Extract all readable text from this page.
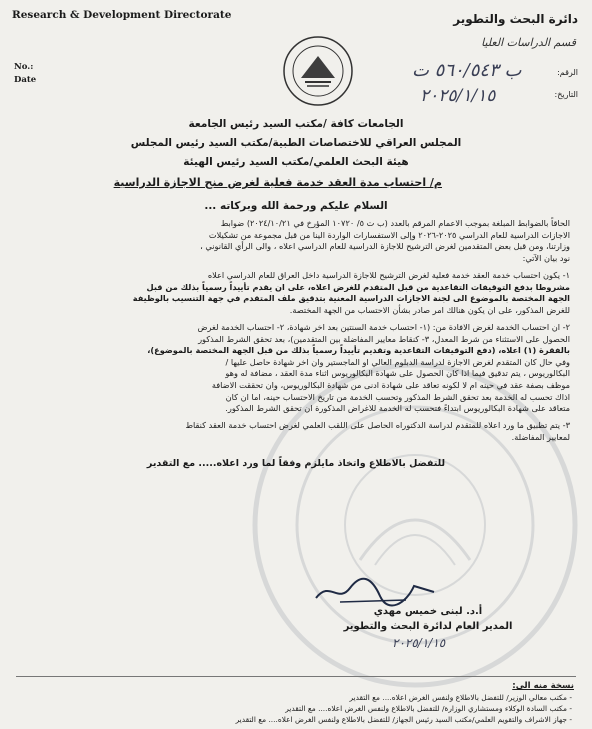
Research & Development Directorate
No.:
Date
دائرة البحث والتطوير
قسم الدراسات العليا
الرقم:
التاريخ:
ب ٥٦٠/٥٤٣ ت
٢٠٢٥/١/١٥
الجامعات كافة /مكتب السيد رئيس الجامعة
المجلس العراقي للاختصاصات الطبية/مكتب السيد رئيس المجلس
هيئة البحث العلمي/مكتب السيد رئيس الهيئة
م/ احتساب مدة العقد خدمة فعلية لغرض منح الاجازة الدراسية
السلام عليكم ورحمة الله وبركاته ...
الحاقاً بالضوابط المبلغة بموجب الاعمام المرقم بالعدد (ب ت ٥/ ١٠٧٢٠ المؤرخ في ٢٠٢٤/١٠/٢١) ضوابط
الاجازات الدراسية للعام الدراسي ٢٠٢٥-٢٠٢٦ وإلى الاستفسارات الواردة الينا من قبل مجموعة من تشكيلات
وزارتنا، ومن قبل بعض المتقدمين لغرض الترشيح للاجازة الدراسية للعام الدراسي اعلاه ، والى الرأي القانوني ،
نود بيان الآتي:
١- يكون احتساب خدمة العقد خدمة فعلية لغرض الترشيح للاجازة الدراسية داخل العراق للعام الدراسي اعلاه
مشروطا بدفع التوقيفات التقاعدية من قبل المتقدم للغرض اعلاه، على ان يقدم تأييداً رسمياً بذلك من قبل
الجهة المختصة بالموضوع الى لجنة الاجازات الدراسية المعنية بتدقيق ملف المتقدم في جهة التنسيب بالوظيفة
للغرض المذكور، على ان يكون هنالك امر صادر بشأن الاحتساب من الجهة المختصة.
٢- ان احتساب الخدمة لغرض الافادة من: (١- احتساب خدمة السنتين بعد اخر شهادة، ٢- احتساب الخدمة لغرض
الحصول على الاستثناء من شرط المعدل، ٣- كنقاط معايير المفاضلة بين المتقدمين)، بعد تحقق الشرط المذكور
بالفقرة (١) اعلاه، (دفع التوقيفات التقاعدية وتقديم تأييداً رسمياً بذلك من قبل الجهة المختصة بالموضوع)،
وفي حال كان المتقدم لغرض الاجازة لدراسة الدبلوم العالي او الماجستير وان اخر شهادة حاصل عليها /
البكالوريوس ، يتم تدقيق فيما اذا كان الحصول على شهادة البكالوريوس اثناء مدة العقد ، مضافة له وهو
موظف بصفة عقد في حينه ام لا لكونه تعاقد على شهادة ادنى من شهادة البكالوريوس، وان تحققت الاضافة
اذاك تحسب له الخدمة بعد تحقق الشرط المذكور وتحسب الخدمة من تاريخ الاحتساب حينه، اما ان كان
متعاقد على شهادة البكالوريوس ابتداءً فتحسب له الخدمة للاغراض المذكورة ان تحقق الشرط المذكور.
٣- يتم تطبيق ما ورد اعلاه للمتقدم لدراسة الدكتوراه الحاصل على اللقب العلمي لغرض احتساب خدمة العقد كنقاط
لمعايير المفاضلة.
للتفضل بالاطلاع واتخاذ مايلزم وفقاً لما ورد اعلاه..... مع التقدير
أ.د. لبنى خميس مهدي
المدير العام لدائرة البحث والتطوير
٢٠٢٥/١/١٥
نسخة منه الى:
- مكتب معالي الوزير/ للتفضل بالاطلاع ولنفس الغرض اعلاه.... مع التقدير
- مكتب السادة الوكلاء ومستشاري الوزارة/ للتفضل بالاطلاع ولنفس الغرض اعلاه.... مع التقدير
- جهاز الاشراف والتقويم العلمي/مكتب السيد رئيس الجهاز/ للتفضل بالاطلاع ولنفس الغرض اعلاه.... مع التقدير
